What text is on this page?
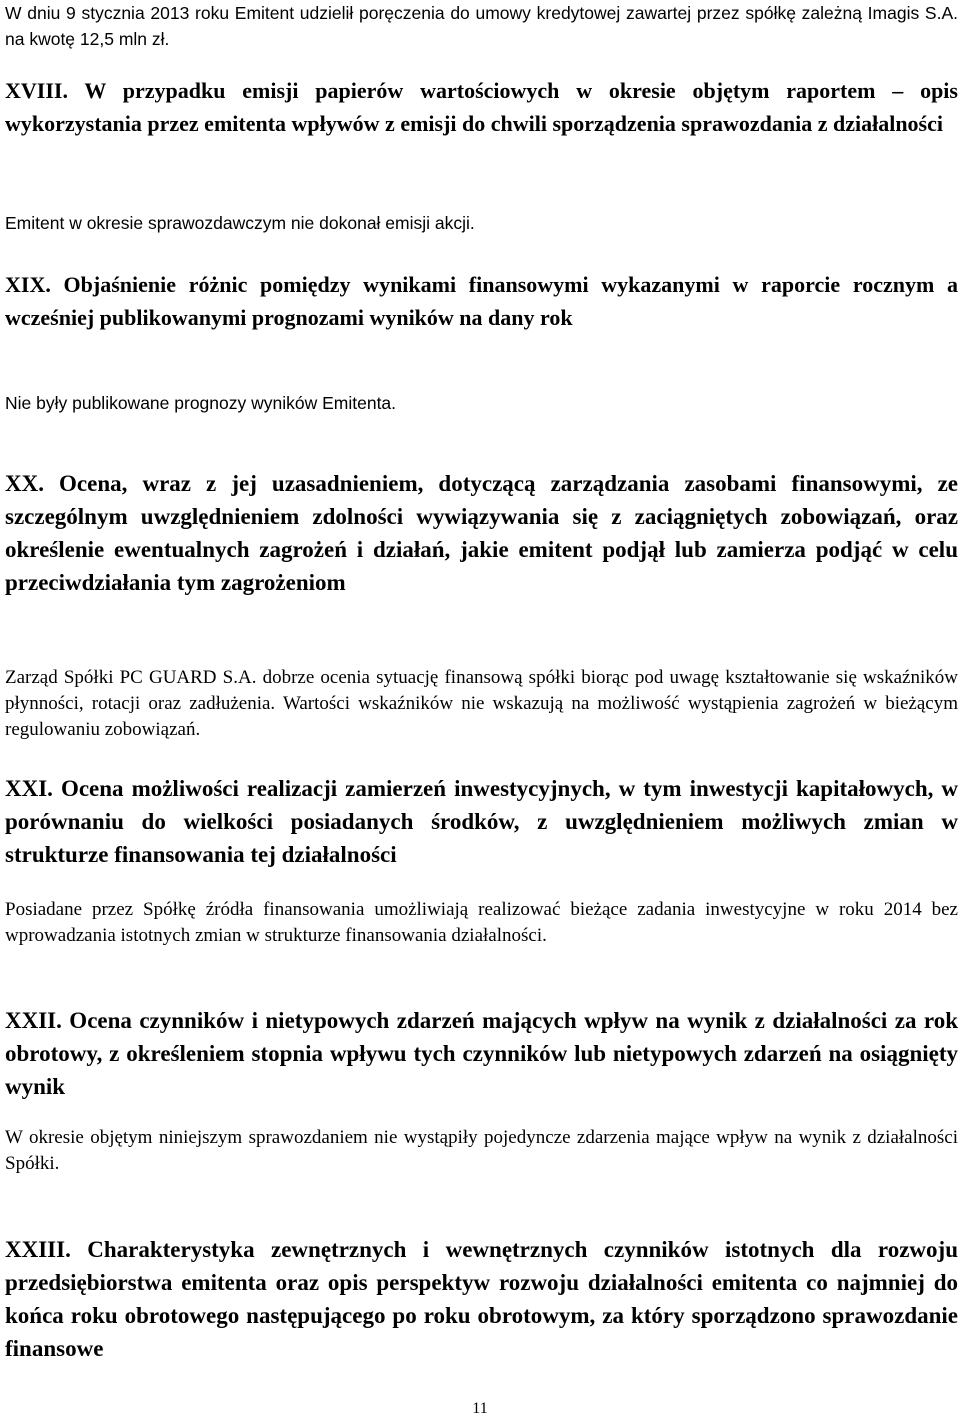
W dniu 9 stycznia 2013 roku Emitent udzielił poręczenia do umowy kredytowej zawartej przez spółkę zależną Imagis S.A. na kwotę 12,5 mln zł.

XVIII. W przypadku emisji papierów wartościowych w okresie objętym raportem – opis wykorzystania przez emitenta wpływów z emisji do chwili sporządzenia sprawozdania z działalności

Emitent w okresie sprawozdawczym nie dokonał emisji akcji.

XIX. Objaśnienie różnic pomiędzy wynikami finansowymi wykazanymi w raporcie rocznym a wcześniej publikowanymi prognozami wyników na dany rok

Nie były publikowane prognozy wyników Emitenta.

XX. Ocena, wraz z jej uzasadnieniem, dotyczącą zarządzania zasobami finansowymi, ze szczególnym uwzględnieniem zdolności wywiązywania się z zaciągniętych zobowiązań, oraz określenie ewentualnych zagrożeń i działań, jakie emitent podjął lub zamierza podjąć w celu przeciwdziałania tym zagrożeniom

Zarząd Spółki PC GUARD S.A. dobrze ocenia sytuację finansową spółki biorąc pod uwagę kształtowanie się wskaźników płynności, rotacji oraz zadłużenia. Wartości wskaźników nie wskazują na możliwość wystąpienia zagrożeń w bieżącym regulowaniu zobowiązań.

XXI. Ocena możliwości realizacji zamierzeń inwestycyjnych, w tym inwestycji kapitałowych, w porównaniu do wielkości posiadanych środków, z uwzględnieniem możliwych zmian w strukturze finansowania tej działalności

Posiadane przez Spółkę źródła finansowania umożliwiają realizować bieżące zadania inwestycyjne w roku 2014 bez wprowadzania istotnych zmian w strukturze finansowania działalności.

XXII. Ocena czynników i nietypowych zdarzeń mających wpływ na wynik z działalności za rok obrotowy, z określeniem stopnia wpływu tych czynników lub nietypowych zdarzeń na osiągnięty wynik

W okresie objętym niniejszym sprawozdaniem nie wystąpiły pojedyncze zdarzenia mające wpływ na wynik z działalności Spółki.

XXIII. Charakterystyka zewnętrznych i wewnętrznych czynników istotnych dla rozwoju przedsiębiorstwa emitenta oraz opis perspektyw rozwoju działalności emitenta co najmniej do końca roku obrotowego następującego po roku obrotowym, za który sporządzono sprawozdanie finansowe

11
